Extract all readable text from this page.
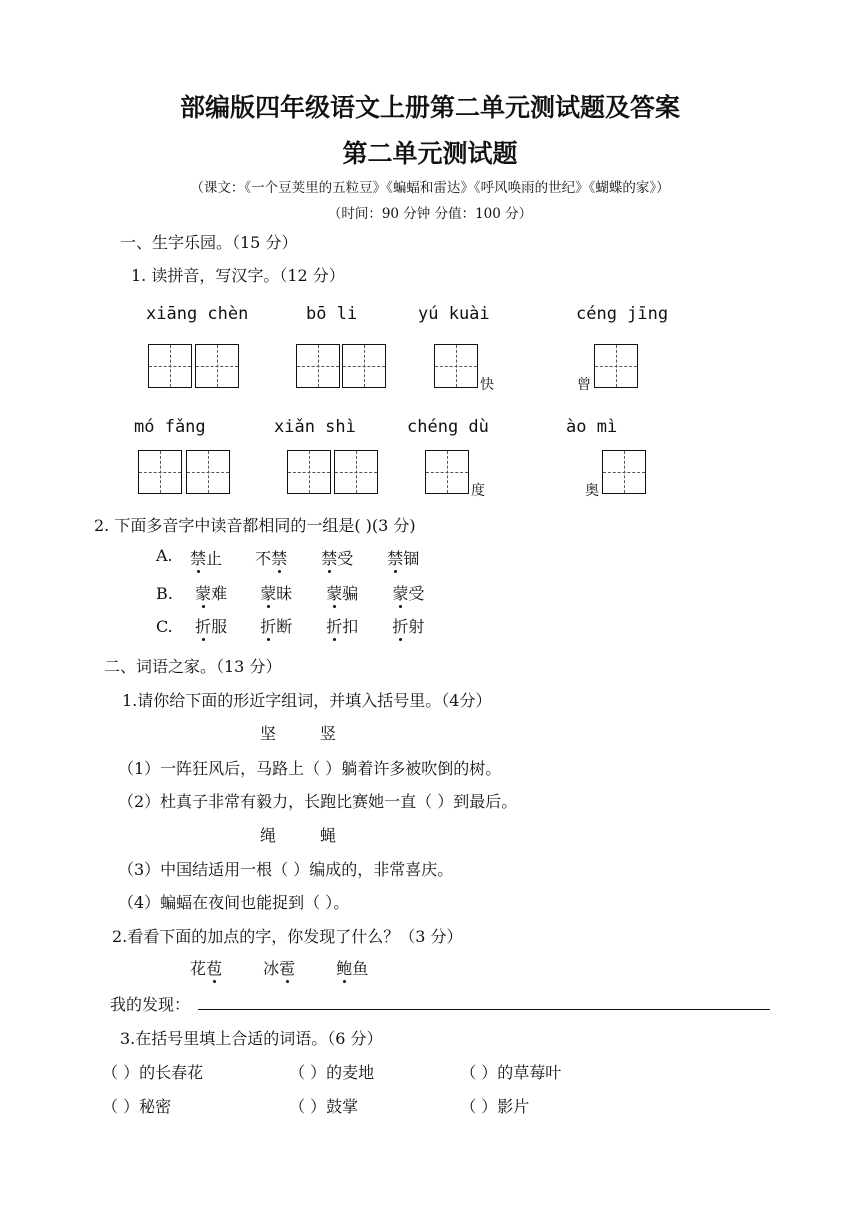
部编版四年级语文上册第二单元测试题及答案
第二单元测试题
（课文：《一个豆荚里的五粒豆》《蝙蝠和雷达》《呼风唤雨的世纪》《蝴蝶的家》）
（时间：90 分钟 分值：100 分）
一、生字乐园。（15 分）
1. 读拼音，写汉字。（12 分）
xiāng chèn	bō li	yú kuài	céng jīng
快	曾
mó fǎng	xiǎn shì	chéng dù	ào mì
度	奥
2. 下面多音字中读音都相同的一组是( )(3 分)
A.	禁止 不禁 禁受 禁锢
B. 蒙难 蒙昧 蒙骗 蒙受
C. 折服 折断 折扣 折射
二、词语之家。（13 分）
1.请你给下面的形近字组词，并填入括号里。（4分）
坚	竖
（1）一阵狂风后，马路上（ ）躺着许多被吹倒的树。
（2）杜真子非常有毅力，长跑比赛她一直（ ）到最后。
绳	蝇
（3）中国结适用一根（ ）编成的，非常喜庆。
（4）蝙蝠在夜间也能捉到（ ）。
2.看看下面的加点的字，你发现了什么？（3 分）
花苞	冰雹	鲍鱼
我的发现：
3.在括号里填上合适的词语。（6 分）
（ ）的长春花	（ ）的麦地	（ ）的草莓叶
（ ）秘密	（ ）鼓掌	（ ）影片
